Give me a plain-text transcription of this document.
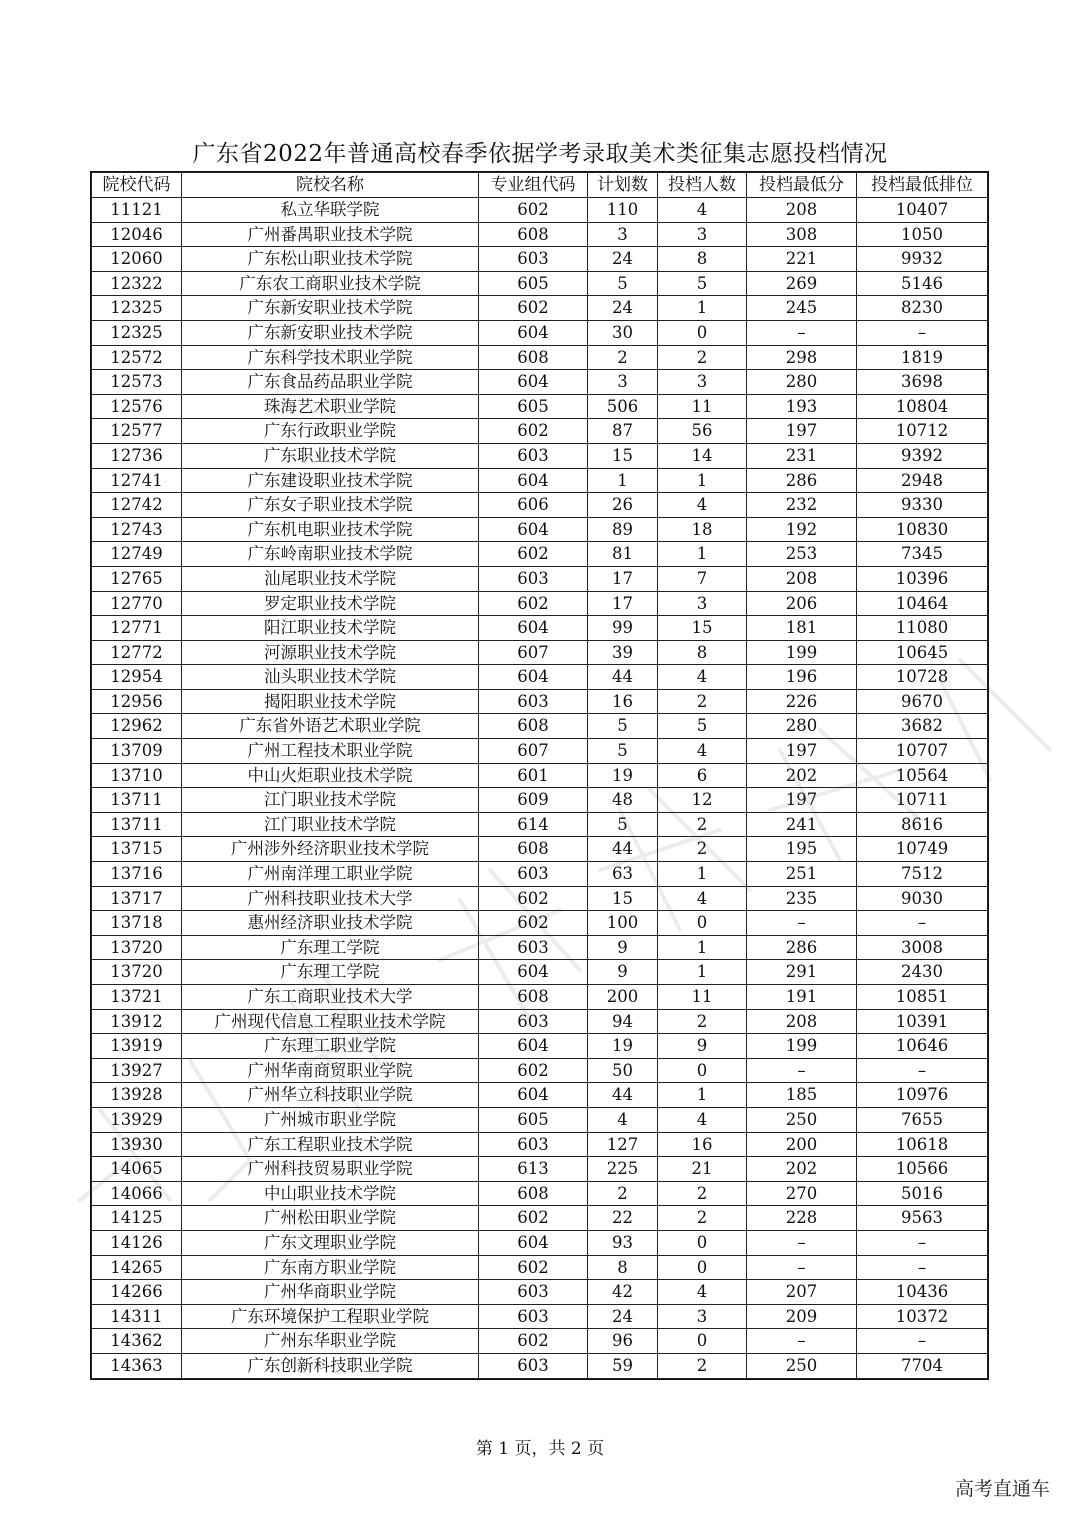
广东省2022年普通高校春季依据学考录取美术类征集志愿投档情况
院校代码	院校名称	专业组代码	计划数	投档人数	投档最低分	投档最低排位
11121	私立华联学院	602	110	4	208	10407
12046	广州番禺职业技术学院	608	3	3	308	1050
12060	广东松山职业技术学院	603	24	8	221	9932
12322	广东农工商职业技术学院	605	5	5	269	5146
12325	广东新安职业技术学院	602	24	1	245	8230
12325	广东新安职业技术学院	604	30	0	–	–
12572	广东科学技术职业学院	608	2	2	298	1819
12573	广东食品药品职业学院	604	3	3	280	3698
12576	珠海艺术职业学院	605	506	11	193	10804
12577	广东行政职业学院	602	87	56	197	10712
12736	广东职业技术学院	603	15	14	231	9392
12741	广东建设职业技术学院	604	1	1	286	2948
12742	广东女子职业技术学院	606	26	4	232	9330
12743	广东机电职业技术学院	604	89	18	192	10830
12749	广东岭南职业技术学院	602	81	1	253	7345
12765	汕尾职业技术学院	603	17	7	208	10396
12770	罗定职业技术学院	602	17	3	206	10464
12771	阳江职业技术学院	604	99	15	181	11080
12772	河源职业技术学院	607	39	8	199	10645
12954	汕头职业技术学院	604	44	4	196	10728
12956	揭阳职业技术学院	603	16	2	226	9670
12962	广东省外语艺术职业学院	608	5	5	280	3682
13709	广州工程技术职业学院	607	5	4	197	10707
13710	中山火炬职业技术学院	601	19	6	202	10564
13711	江门职业技术学院	609	48	12	197	10711
13711	江门职业技术学院	614	5	2	241	8616
13715	广州涉外经济职业技术学院	608	44	2	195	10749
13716	广州南洋理工职业学院	603	63	1	251	7512
13717	广州科技职业技术大学	602	15	4	235	9030
13718	惠州经济职业技术学院	602	100	0	–	–
13720	广东理工学院	603	9	1	286	3008
13720	广东理工学院	604	9	1	291	2430
13721	广东工商职业技术大学	608	200	11	191	10851
13912	广州现代信息工程职业技术学院	603	94	2	208	10391
13919	广东理工职业学院	604	19	9	199	10646
13927	广州华南商贸职业学院	602	50	0	–	–
13928	广州华立科技职业学院	604	44	1	185	10976
13929	广州城市职业学院	605	4	4	250	7655
13930	广东工程职业技术学院	603	127	16	200	10618
14065	广州科技贸易职业学院	613	225	21	202	10566
14066	中山职业技术学院	608	2	2	270	5016
14125	广州松田职业学院	602	22	2	228	9563
14126	广东文理职业学院	604	93	0	–	–
14265	广东南方职业学院	602	8	0	–	–
14266	广州华商职业学院	603	42	4	207	10436
14311	广东环境保护工程职业学院	603	24	3	209	10372
14362	广州东华职业学院	602	96	0	–	–
14363	广东创新科技职业学院	603	59	2	250	7704
第 1 页，共 2 页
高考直通车
